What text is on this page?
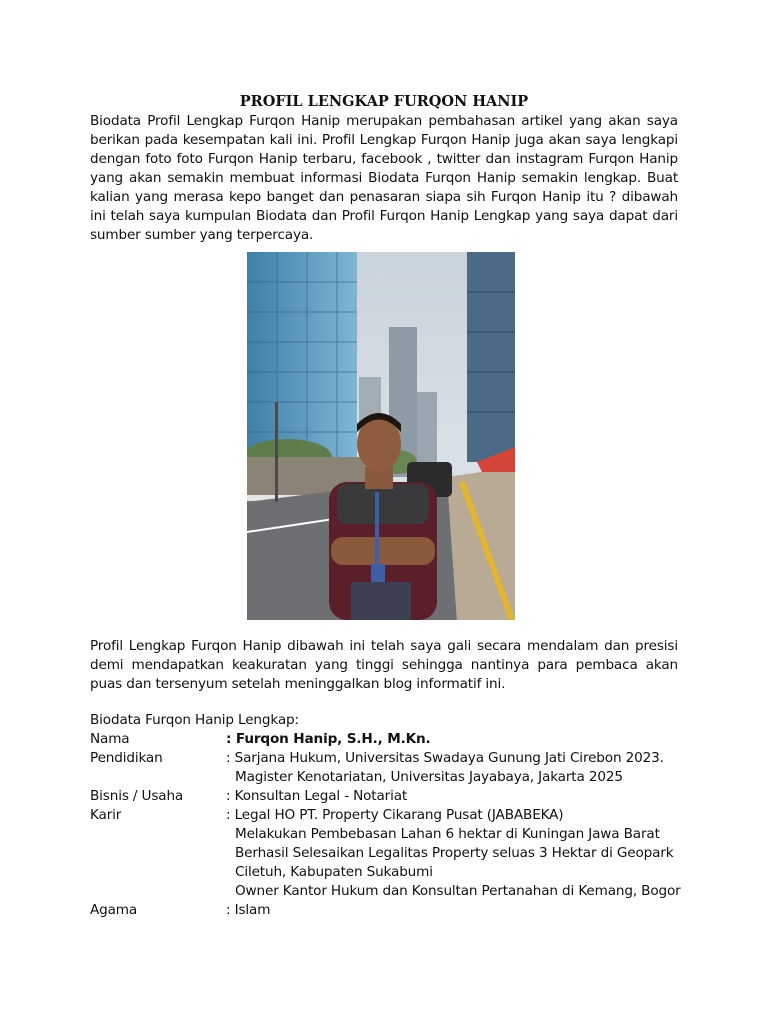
PROFIL LENGKAP FURQON HANIP

Biodata Profil Lengkap Furqon Hanip merupakan pembahasan artikel yang akan saya berikan pada kesempatan kali ini. Profil Lengkap Furqon Hanip juga akan saya lengkapi dengan foto foto Furqon Hanip terbaru, facebook , twitter dan instagram Furqon Hanip yang akan semakin membuat informasi Biodata Furqon Hanip semakin lengkap. Buat kalian yang merasa kepo banget dan penasaran siapa sih Furqon Hanip itu ? dibawah ini telah saya kumpulan Biodata dan Profil Furqon Hanip Lengkap yang saya dapat dari sumber sumber yang terpercaya.

Profil Lengkap Furqon Hanip dibawah ini telah saya gali secara mendalam dan presisi demi mendapatkan keakuratan yang tinggi sehingga nantinya para pembaca akan puas dan tersenyum setelah meninggalkan blog informatif ini.

Biodata Furqon Hanip Lengkap:
Nama	: Furqon Hanip, S.H., M.Kn.
Pendidikan	: Sarjana Hukum, Universitas Swadaya Gunung Jati Cirebon 2023.
Magister Kenotariatan, Universitas Jayabaya, Jakarta 2025
Bisnis / Usaha	: Konsultan Legal - Notariat
Karir	: Legal HO PT. Property Cikarang Pusat (JABABEKA)
Melakukan Pembebasan Lahan 6 hektar di Kuningan Jawa Barat
Berhasil Selesaikan Legalitas Property seluas 3 Hektar di Geopark
Ciletuh, Kabupaten Sukabumi
Owner Kantor Hukum dan Konsultan Pertanahan di Kemang, Bogor
Agama	: Islam
